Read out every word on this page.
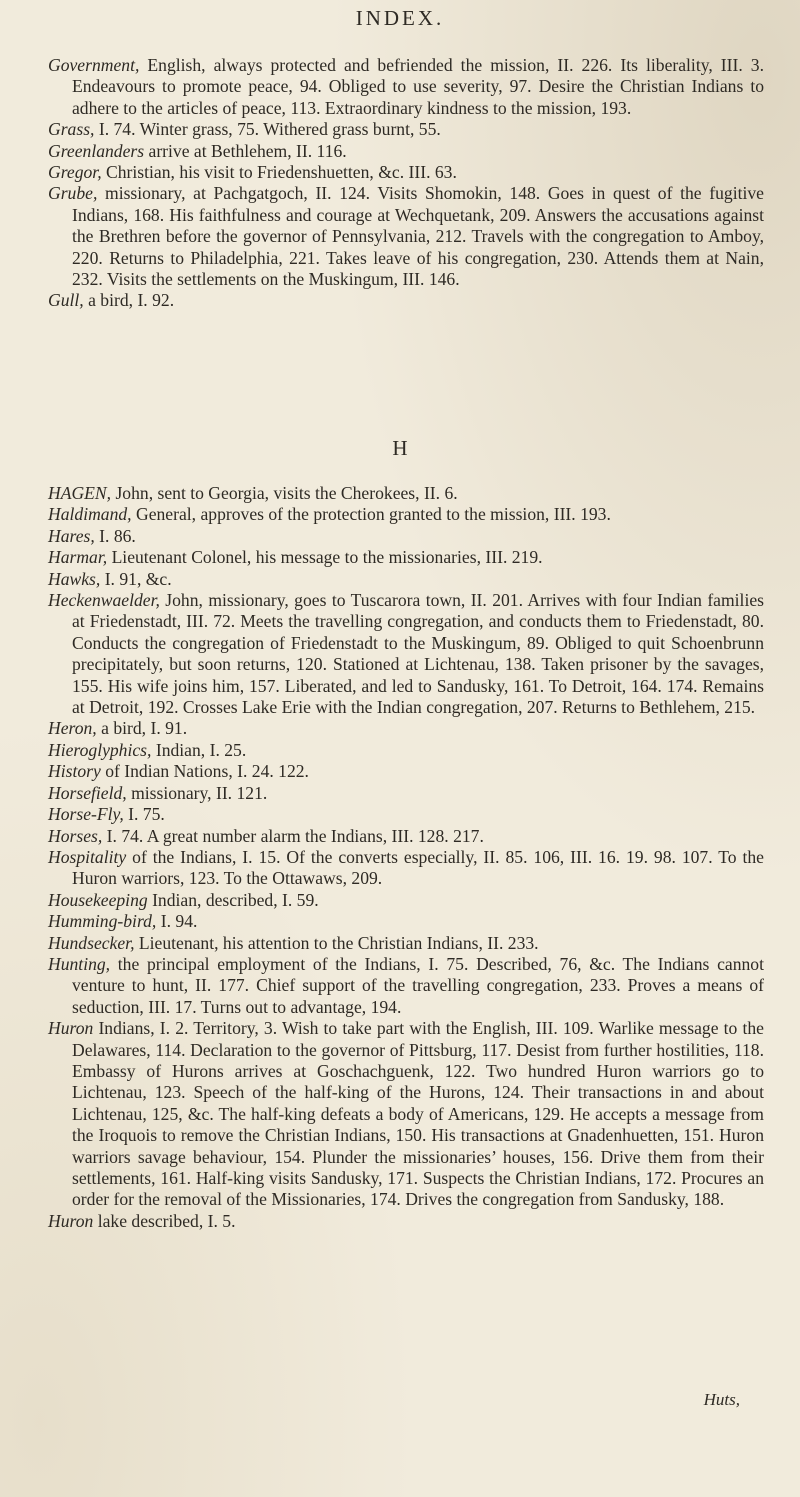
INDEX.

Government, English, always protected and befriended the mission, II. 226. Its liberality, III. 3. Endeavours to promote peace, 94. Obliged to use severity, 97. Desire the Christian Indians to adhere to the articles of peace, 113. Extraordinary kindness to the mission, 193.

Grass, I. 74. Winter grass, 75. Withered grass burnt, 55.

Greenlanders arrive at Bethlehem, II. 116.

Gregor, Christian, his visit to Friedenshuetten, &c. III. 63.

Grube, missionary, at Pachgatgoch, II. 124. Visits Shomokin, 148. Goes in quest of the fugitive Indians, 168. His faithfulness and courage at Wechquetank, 209. Answers the accusations against the Brethren before the governor of Pennsylvania, 212. Travels with the congregation to Amboy, 220. Returns to Philadelphia, 221. Takes leave of his congregation, 230. Attends them at Nain, 232. Visits the settlements on the Muskingum, III. 146.

Gull, a bird, I. 92.

H

HAGEN, John, sent to Georgia, visits the Cherokees, II. 6.

Haldimand, General, approves of the protection granted to the mission, III. 193.

Hares, I. 86.

Harmar, Lieutenant Colonel, his message to the missionaries, III. 219.

Hawks, I. 91, &c.

Heckenwaelder, John, missionary, goes to Tuscarora town, II. 201. Arrives with four Indian families at Friedenstadt, III. 72. Meets the travelling congregation, and conducts them to Friedenstadt, 80. Conducts the congregation of Friedenstadt to the Muskingum, 89. Obliged to quit Schoenbrunn precipitately, but soon returns, 120. Stationed at Lichtenau, 138. Taken prisoner by the savages, 155. His wife joins him, 157. Liberated, and led to Sandusky, 161. To Detroit, 164. 174. Remains at Detroit, 192. Crosses Lake Erie with the Indian congregation, 207. Returns to Bethlehem, 215.

Heron, a bird, I. 91.

Hieroglyphics, Indian, I. 25.

History of Indian Nations, I. 24. 122.

Horsefield, missionary, II. 121.

Horse-Fly, I. 75.

Horses, I. 74. A great number alarm the Indians, III. 128. 217.

Hospitality of the Indians, I. 15. Of the converts especially, II. 85. 106, III. 16. 19. 98. 107. To the Huron warriors, 123. To the Ottawaws, 209.

Housekeeping Indian, described, I. 59.

Humming-bird, I. 94.

Hundsecker, Lieutenant, his attention to the Christian Indians, II. 233.

Hunting, the principal employment of the Indians, I. 75. Described, 76, &c. The Indians cannot venture to hunt, II. 177. Chief support of the travelling congregation, 233. Proves a means of seduction, III. 17. Turns out to advantage, 194.

Huron Indians, I. 2. Territory, 3. Wish to take part with the English, III. 109. Warlike message to the Delawares, 114. Declaration to the governor of Pittsburg, 117. Desist from further hostilities, 118. Embassy of Hurons arrives at Goschachguenk, 122. Two hundred Huron warriors go to Lichtenau, 123. Speech of the half-king of the Hurons, 124. Their transactions in and about Lichtenau, 125, &c. The half-king defeats a body of Americans, 129. He accepts a message from the Iroquois to remove the Christian Indians, 150. His transactions at Gnadenhuetten, 151. Huron warriors savage behaviour, 154. Plunder the missionaries’ houses, 156. Drive them from their settlements, 161. Half-king visits Sandusky, 171. Suspects the Christian Indians, 172. Procures an order for the removal of the Missionaries, 174. Drives the congregation from Sandusky, 188.

Huron lake described, I. 5.

Huts,
